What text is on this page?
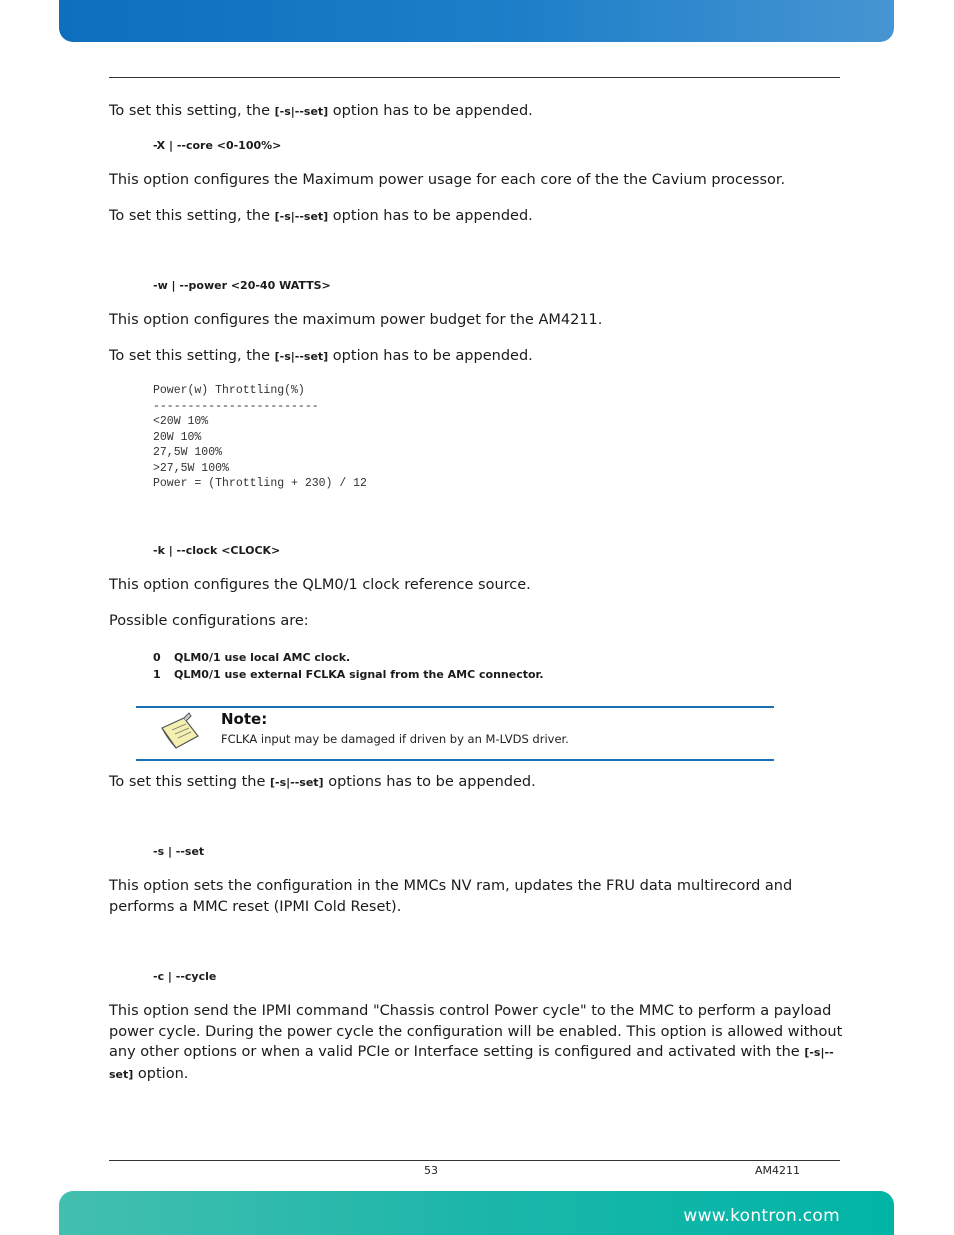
To set this setting, the [-s|--set] option has to be appended.
-X | --core <0-100%>
This option configures the Maximum power usage for each core of the the Cavium processor.
To set this setting, the [-s|--set] option has to be appended.
-w | --power <20-40 WATTS>
This option configures the maximum power budget for the AM4211.
To set this setting, the [-s|--set] option has to be appended.
Power(w) Throttling(%)
------------------------
<20W 10%
20W 10%
27,5W 100%
>27,5W 100%
Power = (Throttling + 230) / 12
-k | --clock <CLOCK>
This option configures the QLM0/1 clock reference source.
Possible configurations are:
0	QLM0/1 use local AMC clock.
1	QLM0/1 use external FCLKA signal from the AMC connector.
Note:
FCLKA input may be damaged if driven by an M-LVDS driver.
To set this setting the [-s|--set] options has to be appended.
-s | --set
This option sets the configuration in the MMCs NV ram, updates the FRU data multirecord and performs a MMC reset (IPMI Cold Reset).
-c | --cycle
This option send the IPMI command "Chassis control Power cycle" to the MMC to perform a payload power cycle. During the power cycle the configuration will be enabled. This option is allowed without any other options or when a valid PCIe or Interface setting is configured and activated with the [-s|--set] option.
53	AM4211
www.kontron.com
